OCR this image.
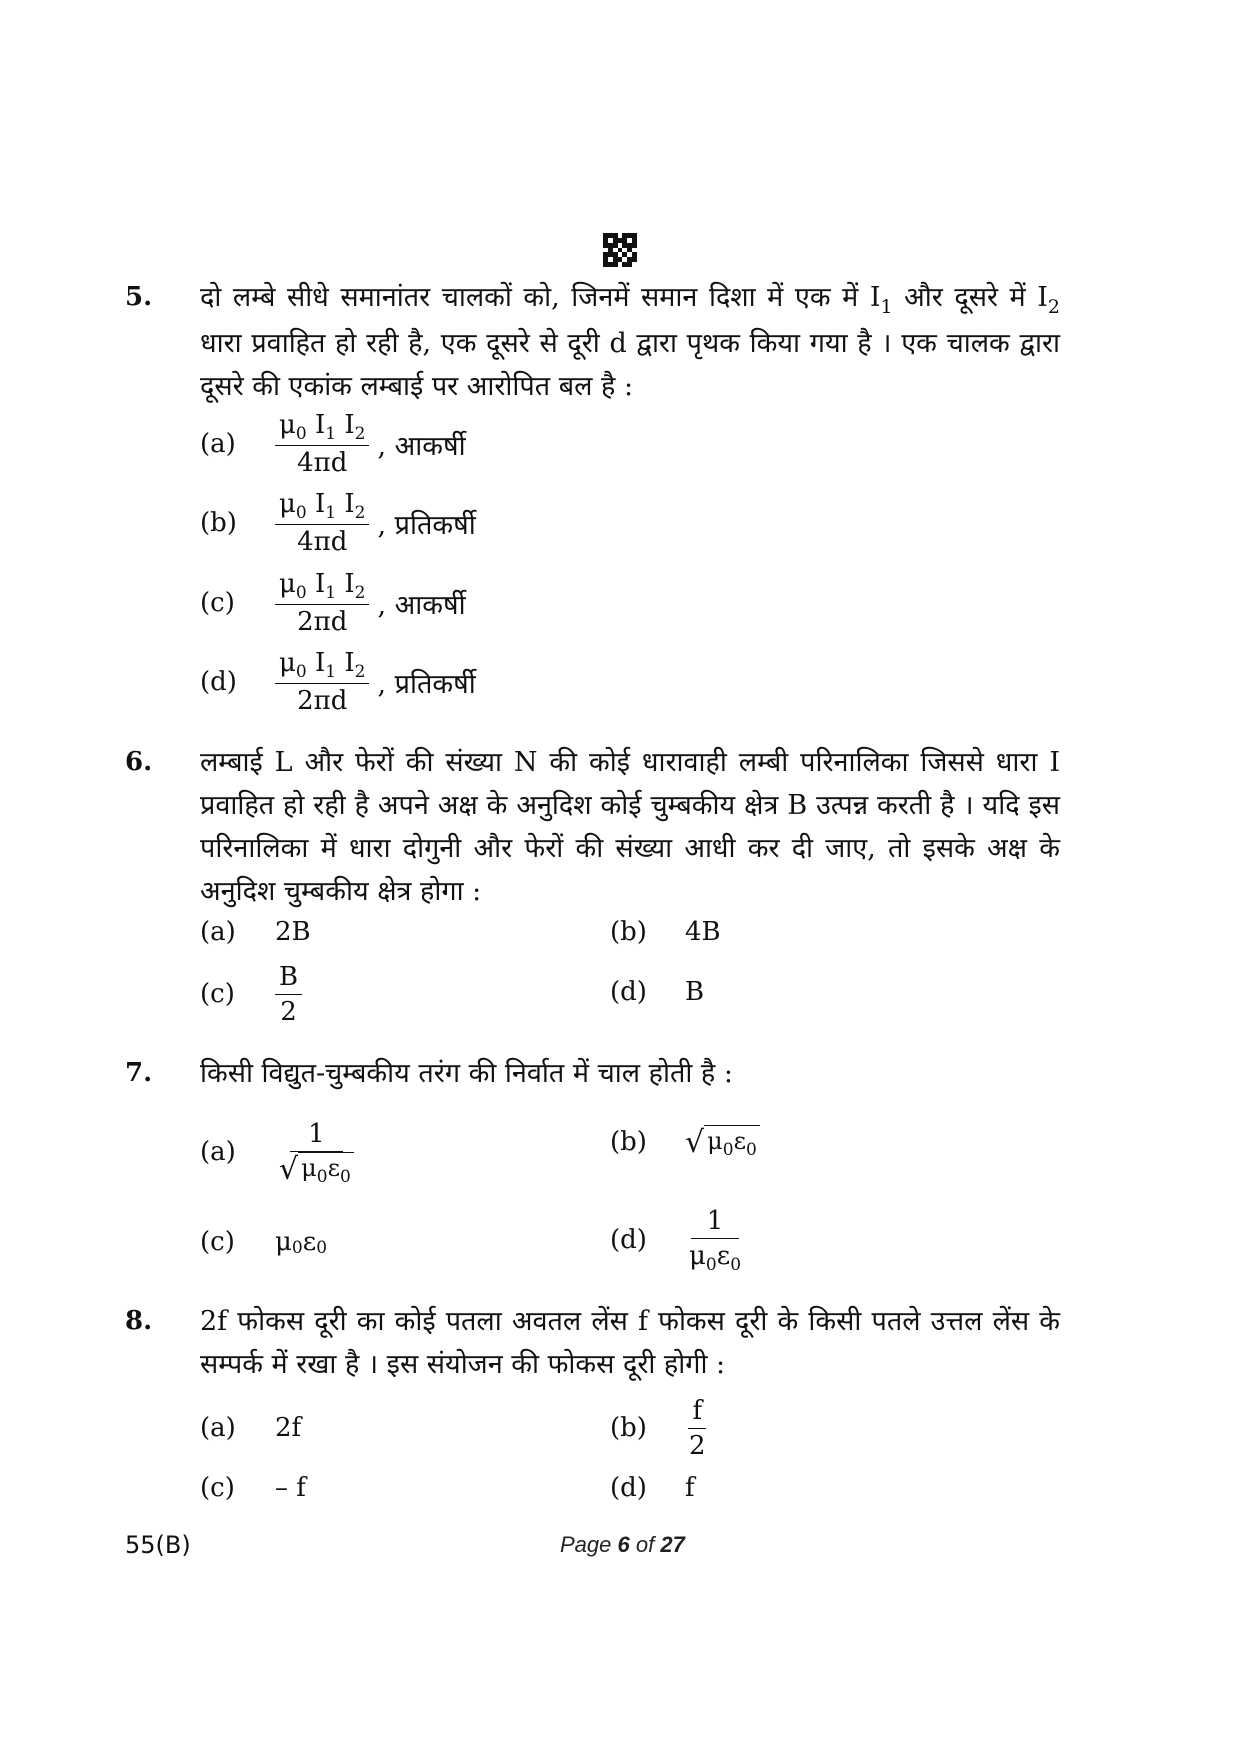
5.	दो लम्बे सीधे समानांतर चालकों को, जिनमें समान दिशा में एक में $I_1$ और दूसरे में $I_2$ धारा प्रवाहित हो रही है, एक दूसरे से दूरी d द्वारा पृथक किया गया है । एक चालक द्वारा दूसरे की एकांक लम्बाई पर आरोपित बल है :
(a)	$\frac{\mu_0 I_1 I_2}{4\pi d}$ , आकर्षी
(b)	$\frac{\mu_0 I_1 I_2}{4\pi d}$ , प्रतिकर्षी
(c)	$\frac{\mu_0 I_1 I_2}{2\pi d}$ , आकर्षी
(d)	$\frac{\mu_0 I_1 I_2}{2\pi d}$ , प्रतिकर्षी
6.	लम्बाई L और फेरों की संख्या N की कोई धारावाही लम्बी परिनालिका जिससे धारा I प्रवाहित हो रही है अपने अक्ष के अनुदिश कोई चुम्बकीय क्षेत्र B उत्पन्न करती है । यदि इस परिनालिका में धारा दोगुनी और फेरों की संख्या आधी कर दी जाए, तो इसके अक्ष के अनुदिश चुम्बकीय क्षेत्र होगा :
(a)	2B	(b)	4B
(c)	$\frac{B}{2}$	(d)	B
7.	किसी विद्युत-चुम्बकीय तरंग की निर्वात में चाल होती है :
(a)	$\frac{1}{√ \mu_0\varepsilon_0}$	(b)	√ $\mu_0\varepsilon_0$
(c)	μ 0 ε 0	(d)	$\frac{1}{\mu_0\varepsilon_0}$
8.	2f फोकस दूरी का कोई पतला अवतल लेंस f फोकस दूरी के किसी पतले उत्तल लेंस के सम्पर्क में रखा है । इस संयोजन की फोकस दूरी होगी :
(a)	2f	(b)	$\frac{f}{2}$
(c)	– f	(d)	f
55(B)	Page 6 of 27
